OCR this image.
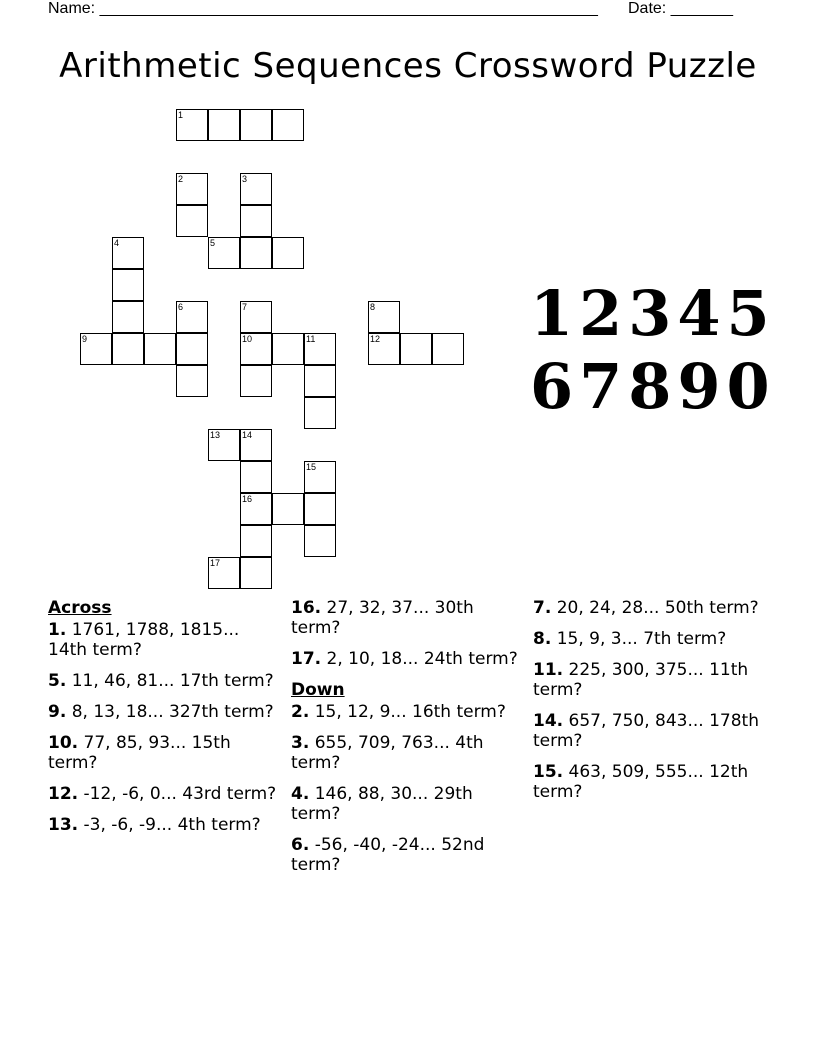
Name: ________________________________________________________ Date: _______
Arithmetic Sequences Crossword Puzzle
1
2	3
4	5
6	7	8
9	10	11	12
13 14
15
16
17
12345
67890
Across
1. 1761, 1788, 1815... 14th term?
5. 11, 46, 81... 17th term?
9. 8, 13, 18... 327th term?
10. 77, 85, 93... 15th term?
12. -12, -6, 0... 43rd term?
13. -3, -6, -9... 4th term?
16. 27, 32, 37... 30th term?
17. 2, 10, 18... 24th term?
Down
2. 15, 12, 9... 16th term?
3. 655, 709, 763... 4th term?
4. 146, 88, 30... 29th term?
6. -56, -40, -24... 52nd term?
7. 20, 24, 28... 50th term?
8. 15, 9, 3... 7th term?
11. 225, 300, 375... 11th term?
14. 657, 750, 843... 178th term?
15. 463, 509, 555... 12th term?
